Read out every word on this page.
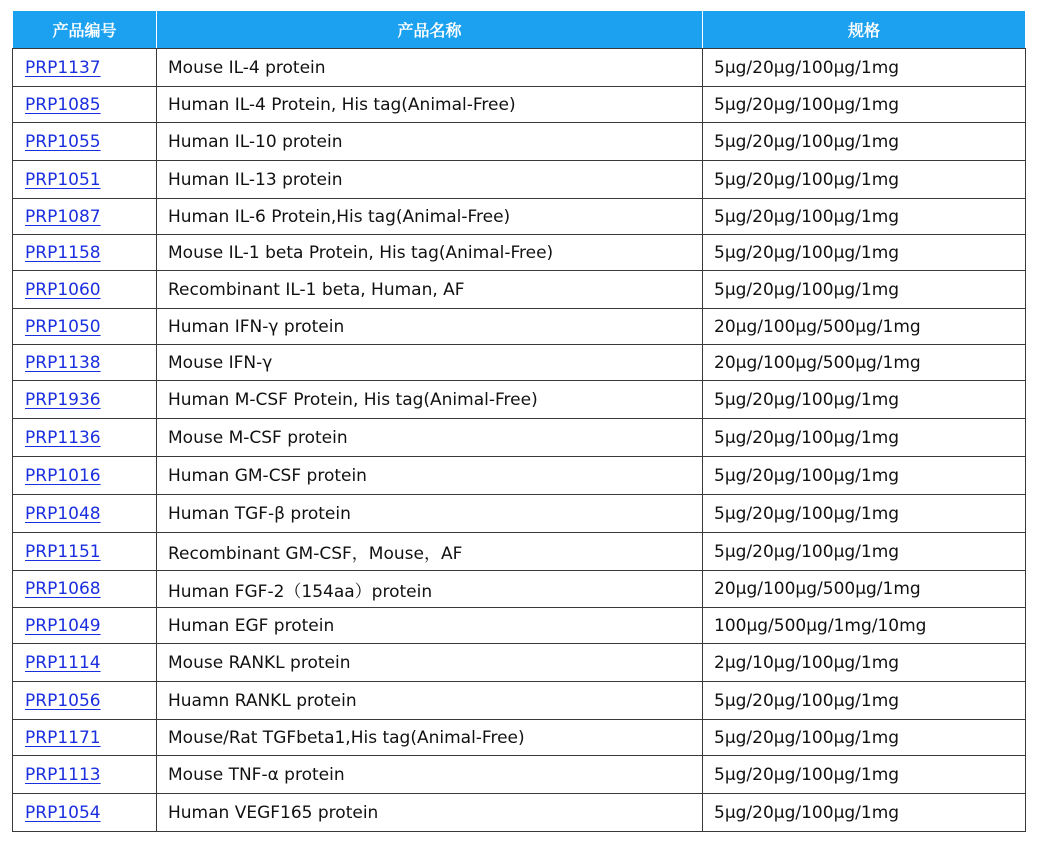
产品编号	产品名称	规格
PRP1137	Mouse IL-4 protein	5μg/20μg/100μg/1mg
PRP1085	Human IL-4 Protein, His tag(Animal-Free)	5μg/20μg/100μg/1mg
PRP1055	Human IL-10 protein	5μg/20μg/100μg/1mg
PRP1051	Human IL-13 protein	5μg/20μg/100μg/1mg
PRP1087	Human IL-6 Protein,His tag(Animal-Free)	5μg/20μg/100μg/1mg
PRP1158	Mouse IL-1 beta Protein, His tag(Animal-Free)	5μg/20μg/100μg/1mg
PRP1060	Recombinant IL-1 beta, Human, AF	5μg/20μg/100μg/1mg
PRP1050	Human IFN-γ protein	20μg/100μg/500μg/1mg
PRP1138	Mouse IFN-γ	20μg/100μg/500μg/1mg
PRP1936	Human M-CSF Protein, His tag(Animal-Free)	5μg/20μg/100μg/1mg
PRP1136	Mouse M-CSF protein	5μg/20μg/100μg/1mg
PRP1016	Human GM-CSF protein	5μg/20μg/100μg/1mg
PRP1048	Human TGF-β protein	5μg/20μg/100μg/1mg
PRP1151	Recombinant GM-CSF，Mouse，AF	5μg/20μg/100μg/1mg
PRP1068	Human FGF-2（154aa）protein	20μg/100μg/500μg/1mg
PRP1049	Human EGF protein	100μg/500μg/1mg/10mg
PRP1114	Mouse RANKL protein	2μg/10μg/100μg/1mg
PRP1056	Huamn RANKL protein	5μg/20μg/100μg/1mg
PRP1171	Mouse/Rat TGFbeta1,His tag(Animal-Free)	5μg/20μg/100μg/1mg
PRP1113	Mouse TNF-α protein	5μg/20μg/100μg/1mg
PRP1054	Human VEGF165 protein	5μg/20μg/100μg/1mg
